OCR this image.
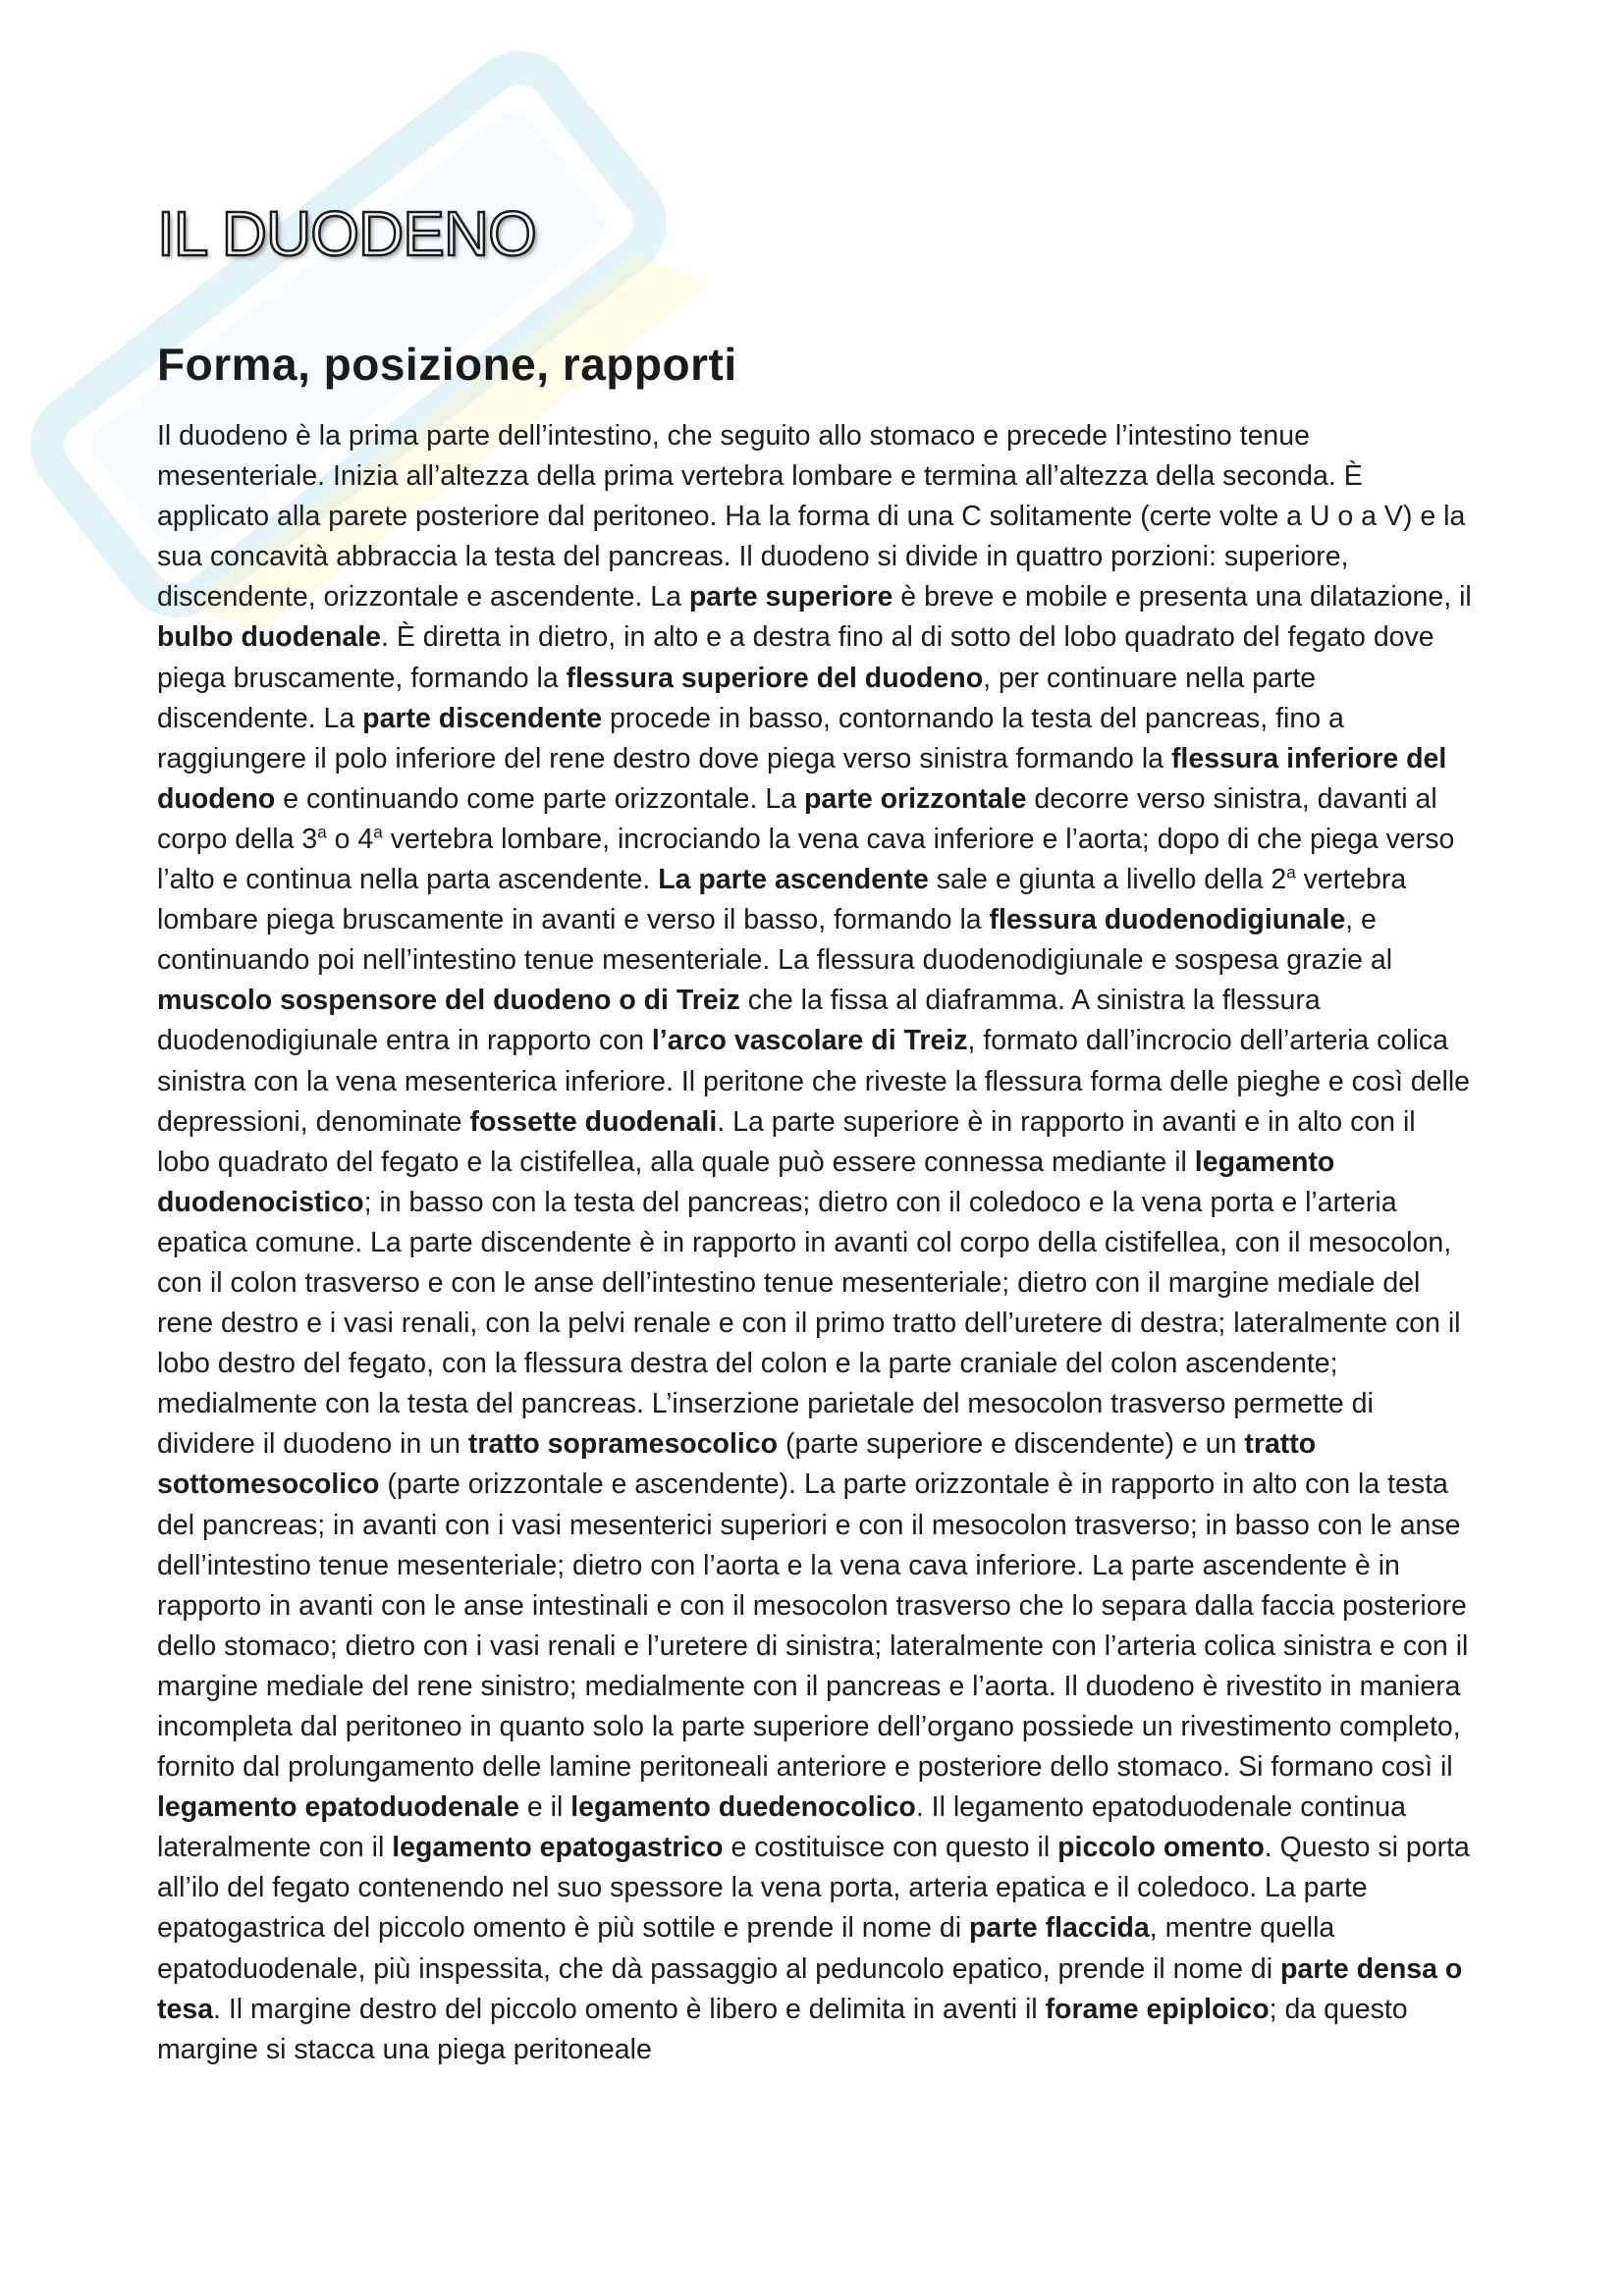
IL DUODENO
Forma, posizione, rapporti

Il duodeno è la prima parte dell’intestino, che seguito allo stomaco e precede l’intestino tenue mesenteriale. Inizia all’altezza della prima vertebra lombare e termina all’altezza della seconda. È applicato alla parete posteriore dal peritoneo. Ha la forma di una C solitamente (certe volte a U o a V) e la sua concavità abbraccia la testa del pancreas. Il duodeno si divide in quattro porzioni: superiore, discendente, orizzontale e ascendente. La parte superiore è breve e mobile e presenta una dilatazione, il bulbo duodenale. È diretta in dietro, in alto e a destra fino al di sotto del lobo quadrato del fegato dove piega bruscamente, formando la flessura superiore del duodeno, per continuare nella parte discendente. La parte discendente procede in basso, contornando la testa del pancreas, fino a raggiungere il polo inferiore del rene destro dove piega verso sinistra formando la flessura inferiore del duodeno e continuando come parte orizzontale. La parte orizzontale decorre verso sinistra, davanti al corpo della 3$^a$ o 4$^a$ vertebra lombare, incrociando la vena cava inferiore e l’aorta; dopo di che piega verso l’alto e continua nella parta ascendente. La parte ascendente sale e giunta a livello della 2$^a$ vertebra lombare piega bruscamente in avanti e verso il basso, formando la flessura duodenodigiunale, e continuando poi nell’intestino tenue mesenteriale. La flessura duodenodigiunale e sospesa grazie al muscolo sospensore del duodeno o di Treiz che la fissa al diaframma. A sinistra la flessura duodenodigiunale entra in rapporto con l’arco vascolare di Treiz, formato dall’incrocio dell’arteria colica sinistra con la vena mesenterica inferiore. Il peritone che riveste la flessura forma delle pieghe e così delle depressioni, denominate fossette duodenali. La parte superiore è in rapporto in avanti e in alto con il lobo quadrato del fegato e la cistifellea, alla quale può essere connessa mediante il legamento duodenocistico; in basso con la testa del pancreas; dietro con il coledoco e la vena porta e l’arteria epatica comune. La parte discendente è in rapporto in avanti col corpo della cistifellea, con il mesocolon, con il colon trasverso e con le anse dell’intestino tenue mesenteriale; dietro con il margine mediale del rene destro e i vasi renali, con la pelvi renale e con il primo tratto dell’uretere di destra; lateralmente con il lobo destro del fegato, con la flessura destra del colon e la parte craniale del colon ascendente; medialmente con la testa del pancreas. L’inserzione parietale del mesocolon trasverso permette di dividere il duodeno in un tratto sopramesocolico (parte superiore e discendente) e un tratto sottomesocolico (parte orizzontale e ascendente). La parte orizzontale è in rapporto in alto con la testa del pancreas; in avanti con i vasi mesenterici superiori e con il mesocolon trasverso; in basso con le anse dell’intestino tenue mesenteriale; dietro con l’aorta e la vena cava inferiore. La parte ascendente è in rapporto in avanti con le anse intestinali e con il mesocolon trasverso che lo separa dalla faccia posteriore dello stomaco; dietro con i vasi renali e l’uretere di sinistra; lateralmente con l’arteria colica sinistra e con il margine mediale del rene sinistro; medialmente con il pancreas e l’aorta. Il duodeno è rivestito in maniera incompleta dal peritoneo in quanto solo la parte superiore dell’organo possiede un rivestimento completo, fornito dal prolungamento delle lamine peritoneali anteriore e posteriore dello stomaco. Si formano così il legamento epatoduodenale e il legamento duedenocolico. Il legamento epatoduodenale continua lateralmente con il legamento epatogastrico e costituisce con questo il piccolo omento. Questo si porta all’ilo del fegato contenendo nel suo spessore la vena porta, arteria epatica e il coledoco. La parte epatogastrica del piccolo omento è più sottile e prende il nome di parte flaccida, mentre quella epatoduodenale, più inspessita, che dà passaggio al peduncolo epatico, prende il nome di parte densa o tesa. Il margine destro del piccolo omento è libero e delimita in aventi il forame epiploico; da questo margine si stacca una piega peritoneale
